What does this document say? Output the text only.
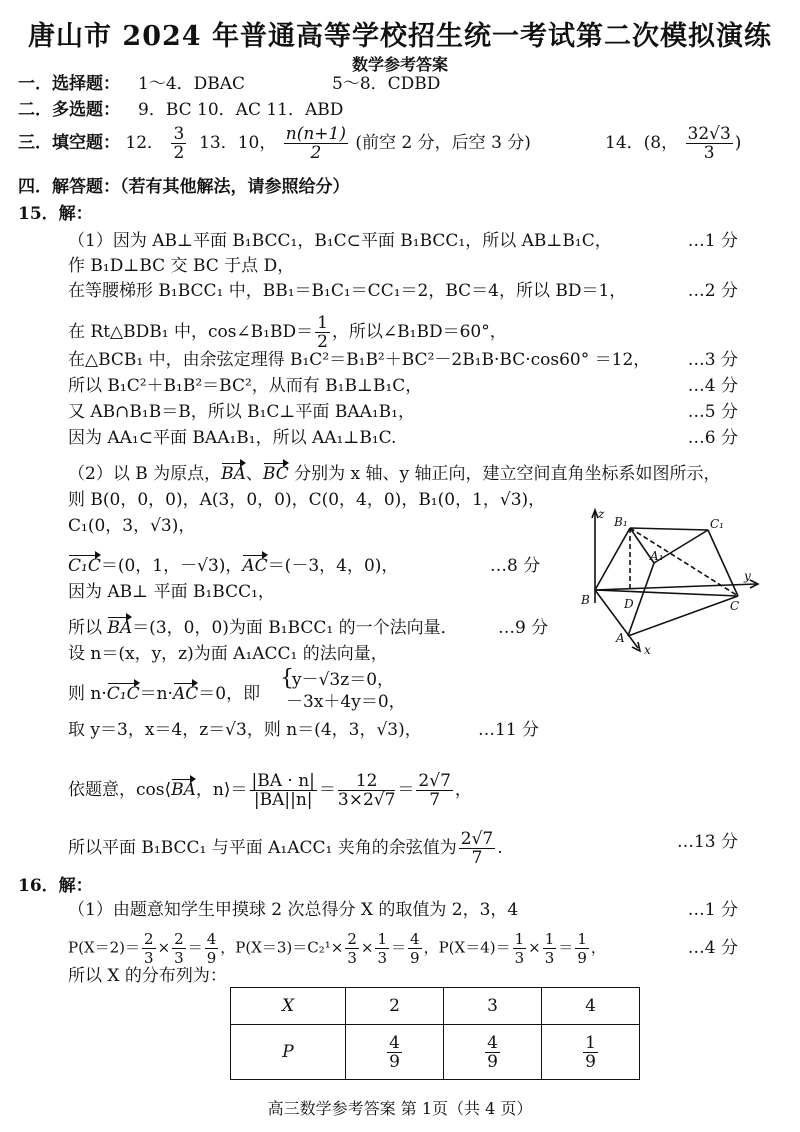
唐山市 2024 年普通高等学校招生统一考试第二次模拟演练
数学参考答案
一．选择题： 1～4．DBAC	5～8．CDBD
二．多选题： 9．BC 10．AC 11．ABD
三．填空题： 12． $\frac{3}{2} 13$．10， $\frac{n(n+1)}{2}$ (前空 2 分，后空 3 分)	14．(8， $\frac{32√3}{3}$ )
四．解答题：（若有其他解法，请参照给分）
15．解：
（1）因为 AB⊥平面 B₁BCC₁，B₁C⊂平面 B₁BCC₁，所以 AB⊥B₁C，	…1 分
作 B₁D⊥BC 交 BC 于点 D，
在等腰梯形 B₁BCC₁ 中，BB₁＝B₁C₁＝CC₁＝2，BC＝4，所以 BD＝1，	…2 分
在 Rt△BDB₁ 中，cos∠B₁BD＝ $\frac{1}{2}$ ，所以∠B₁BD＝60°，
在△BCB₁ 中，由余弦定理得 B₁C²＝B₁B²＋BC²－2B₁B·BC·cos60° ＝12， …3 分
所以 B₁C²＋B₁B²＝BC²，从而有 B₁B⊥B₁C，	…4 分
又 AB∩B₁B＝B，所以 B₁C⊥平面 BAA₁B₁，	…5 分
因为 AA₁⊂平面 BAA₁B₁，所以 AA₁⊥B₁C.	…6 分
（2）以 B 为原点，BA、BC 分别为 x 轴、y 轴正向，建立空间直角坐标系如图所示，
则 B(0，0，0)，A(3，0，0)，C(0，4，0)，B₁(0，1，√3)，
C₁(0，3，√3)，
C₁C＝(0，1，－√3)，AC＝(－3，4，0)，	…8 分
因为 AB⊥ 平面 B₁BCC₁，
所以 BA＝(3，0，0)为面 B₁BCC₁ 的一个法向量． …9 分
设 n＝(x，y，z)为面 A₁ACC₁ 的法向量，
则 n·C₁C＝n·AC＝0，即
{
y－√3z＝0，
－3x＋4y＝0，
取 y＝3，x＝4，z＝√3，则 n＝(4，3，√3)，	…11 分
依题意，cos⟨BA，n⟩＝ $\frac{|BA \cdot n|}{|BA||n|} = \frac{12}{3\times 2√7} = \frac{2√7}{7}$ ，
所以平面 B₁BCC₁ 与平面 A₁ACC₁ 夹角的余弦值为 $\frac{2√7}{7}$ .	…13 分
z
B₁	C₁
A₁
y
B	D	C
A
x
16．解：
（1）由题意知学生甲摸球 2 次总得分 X 的取值为 2，3，4	…1 分
$P(X=2)= \frac{2}{3} \times \frac{2}{3} = \frac{4}{9}$ ，$P(X=3)=C_2^1\times \frac{2}{3} \times \frac{1}{3} = \frac{4}{9}$ ，$P(X=4)= \frac{1}{3} \times \frac{1}{3} = \frac{1}{9}$ ，	…4 分
所以 X 的分布列为：
X	2	3	4
P	$\frac{4}{9}$	$\frac{4}{9}$	$\frac{1}{9}$
高三数学参考答案 第 1页（共 4 页）
